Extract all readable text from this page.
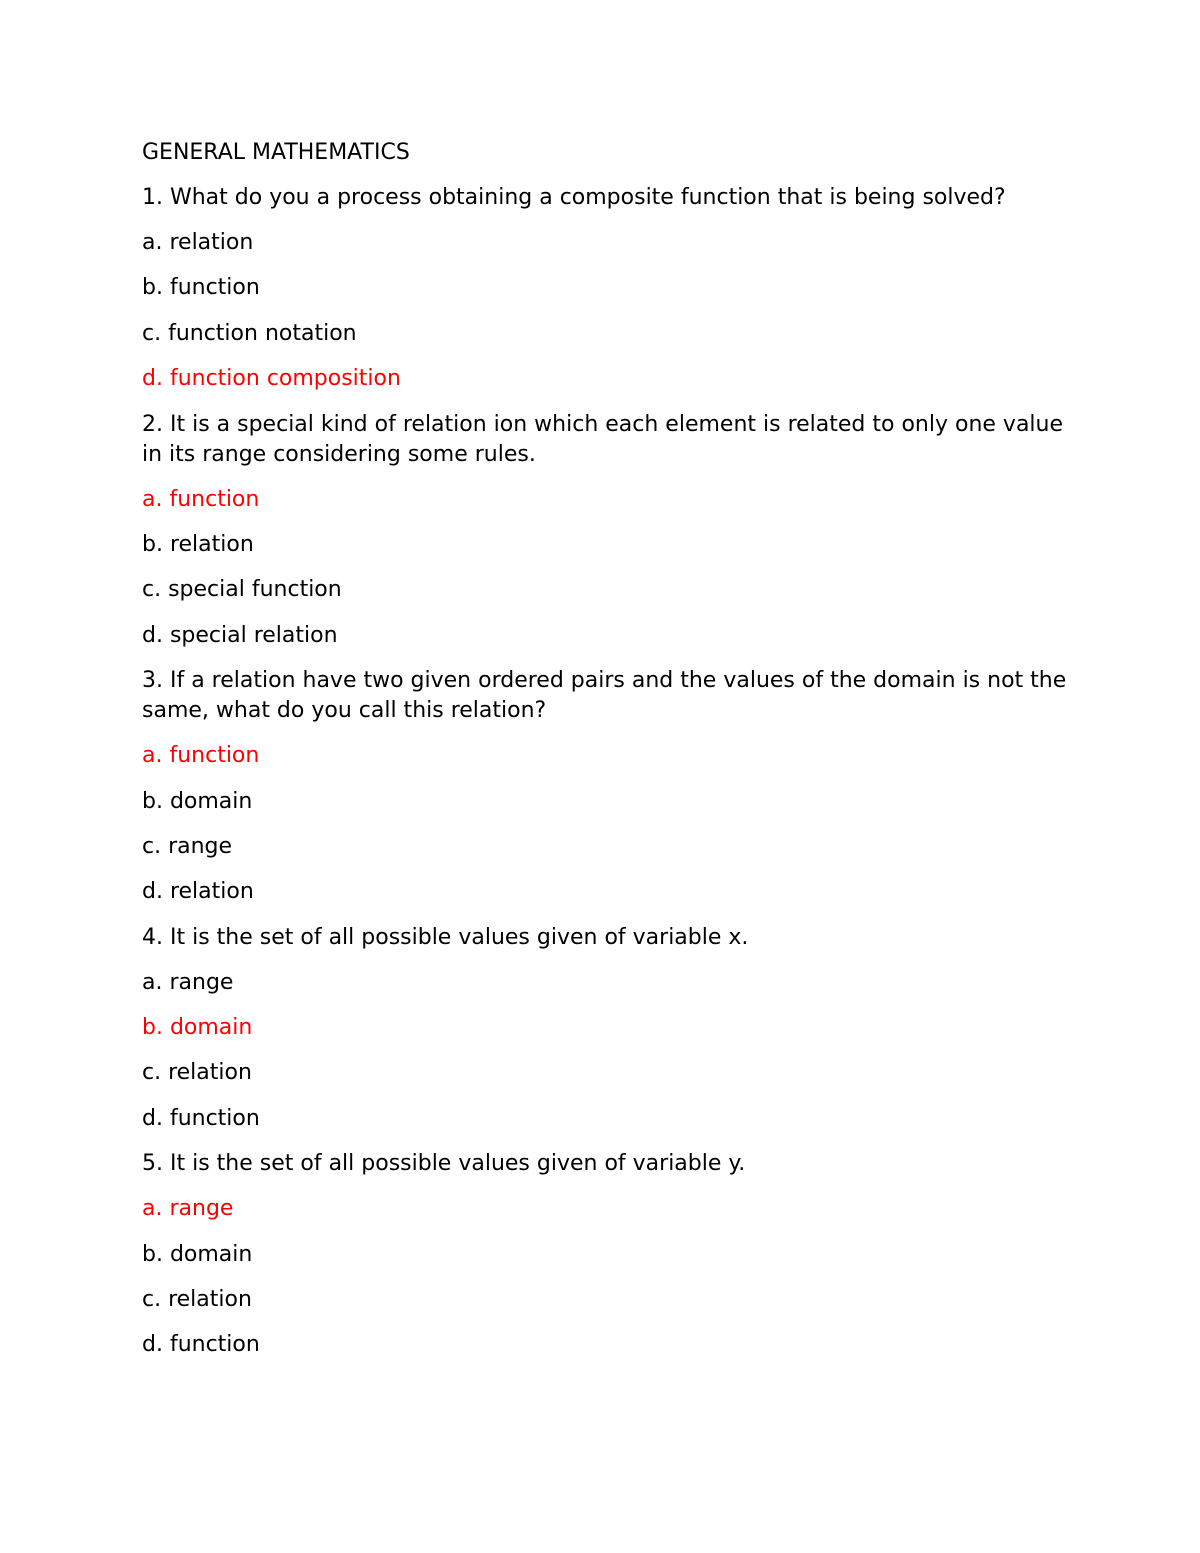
GENERAL MATHEMATICS

1. What do you a process obtaining a composite function that is being solved?

a. relation
b. function
c. function notation
d. function composition

2. It is a special kind of relation ion which each element is related to only one value in its range considering some rules.

a. function
b. relation
c. special function
d. special relation

3. If a relation have two given ordered pairs and the values of the domain is not the same, what do you call this relation?

a. function
b. domain
c. range
d. relation

4. It is the set of all possible values given of variable x.

a. range
b. domain
c. relation
d. function

5. It is the set of all possible values given of variable y.

a. range
b. domain
c. relation
d. function
